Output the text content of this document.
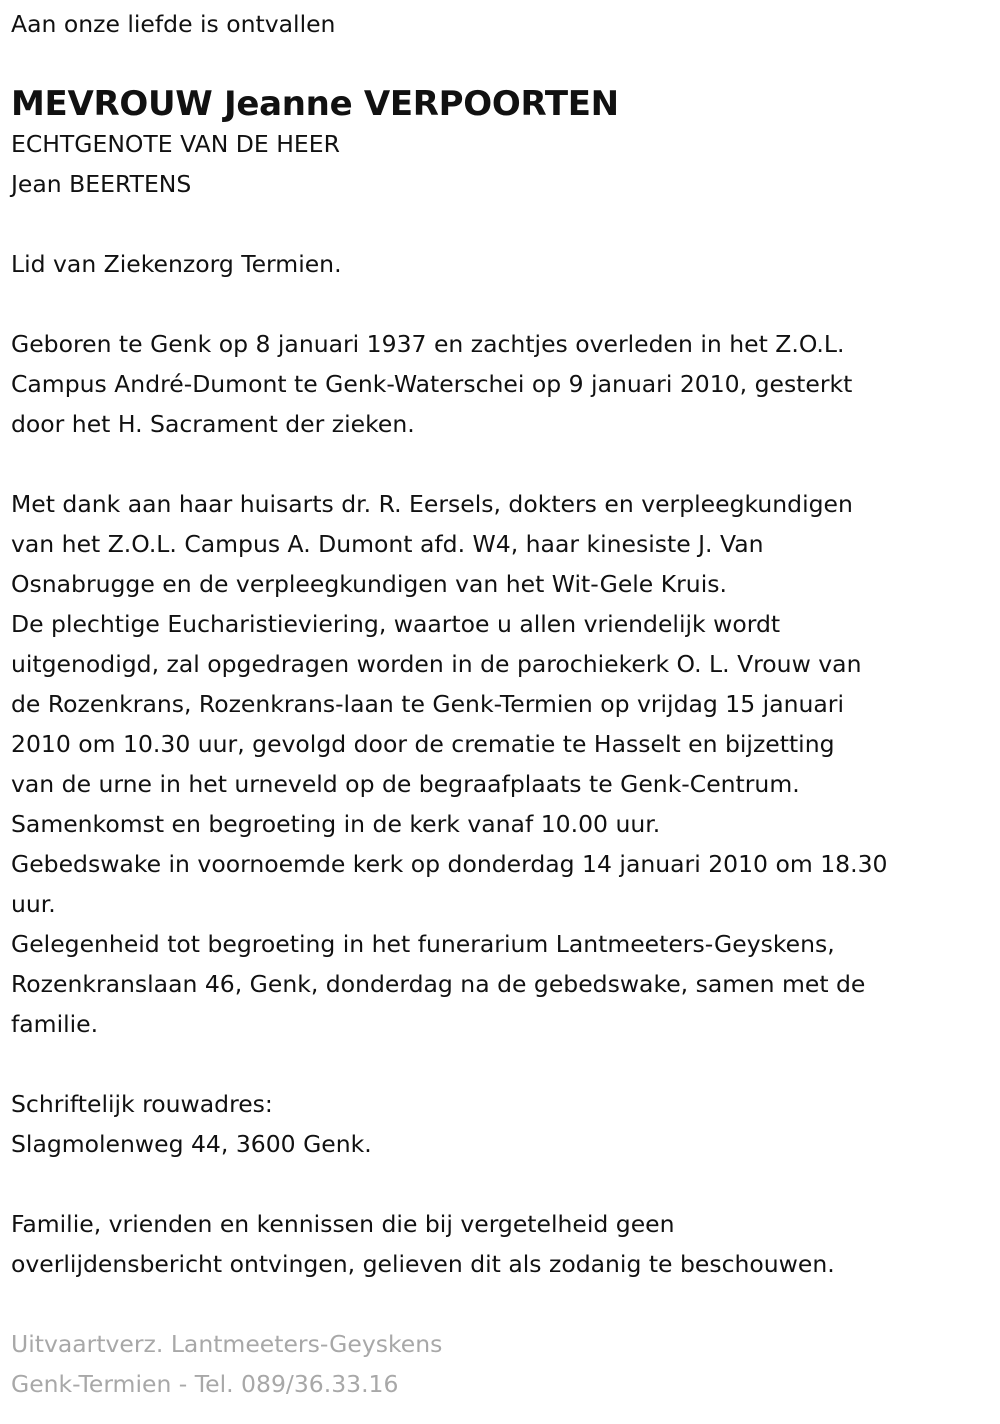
Aan onze liefde is ontvallen
MEVROUW Jeanne VERPOORTEN
ECHTGENOTE VAN DE HEER
Jean BEERTENS
Lid van Ziekenzorg Termien.
Geboren te Genk op 8 januari 1937 en zachtjes overleden in het Z.O.L.
Campus André-Dumont te Genk-Waterschei op 9 januari 2010, gesterkt
door het H. Sacrament der zieken.
Met dank aan haar huisarts dr. R. Eersels, dokters en verpleegkundigen
van het Z.O.L. Campus A. Dumont afd. W4, haar kinesiste J. Van
Osnabrugge en de verpleegkundigen van het Wit-Gele Kruis.
De plechtige Eucharistieviering, waartoe u allen vriendelijk wordt
uitgenodigd, zal opgedragen worden in de parochiekerk O. L. Vrouw van
de Rozenkrans, Rozenkrans-laan te Genk-Termien op vrijdag 15 januari
2010 om 10.30 uur, gevolgd door de crematie te Hasselt en bijzetting
van de urne in het urneveld op de begraafplaats te Genk-Centrum.
Samenkomst en begroeting in de kerk vanaf 10.00 uur.
Gebedswake in voornoemde kerk op donderdag 14 januari 2010 om 18.30
uur.
Gelegenheid tot begroeting in het funerarium Lantmeeters-Geyskens,
Rozenkranslaan 46, Genk, donderdag na de gebedswake, samen met de
familie.
Schriftelijk rouwadres:
Slagmolenweg 44, 3600 Genk.
Familie, vrienden en kennissen die bij vergetelheid geen
overlijdensbericht ontvingen, gelieven dit als zodanig te beschouwen.
Uitvaartverz. Lantmeeters-Geyskens
Genk-Termien - Tel. 089/36.33.16
